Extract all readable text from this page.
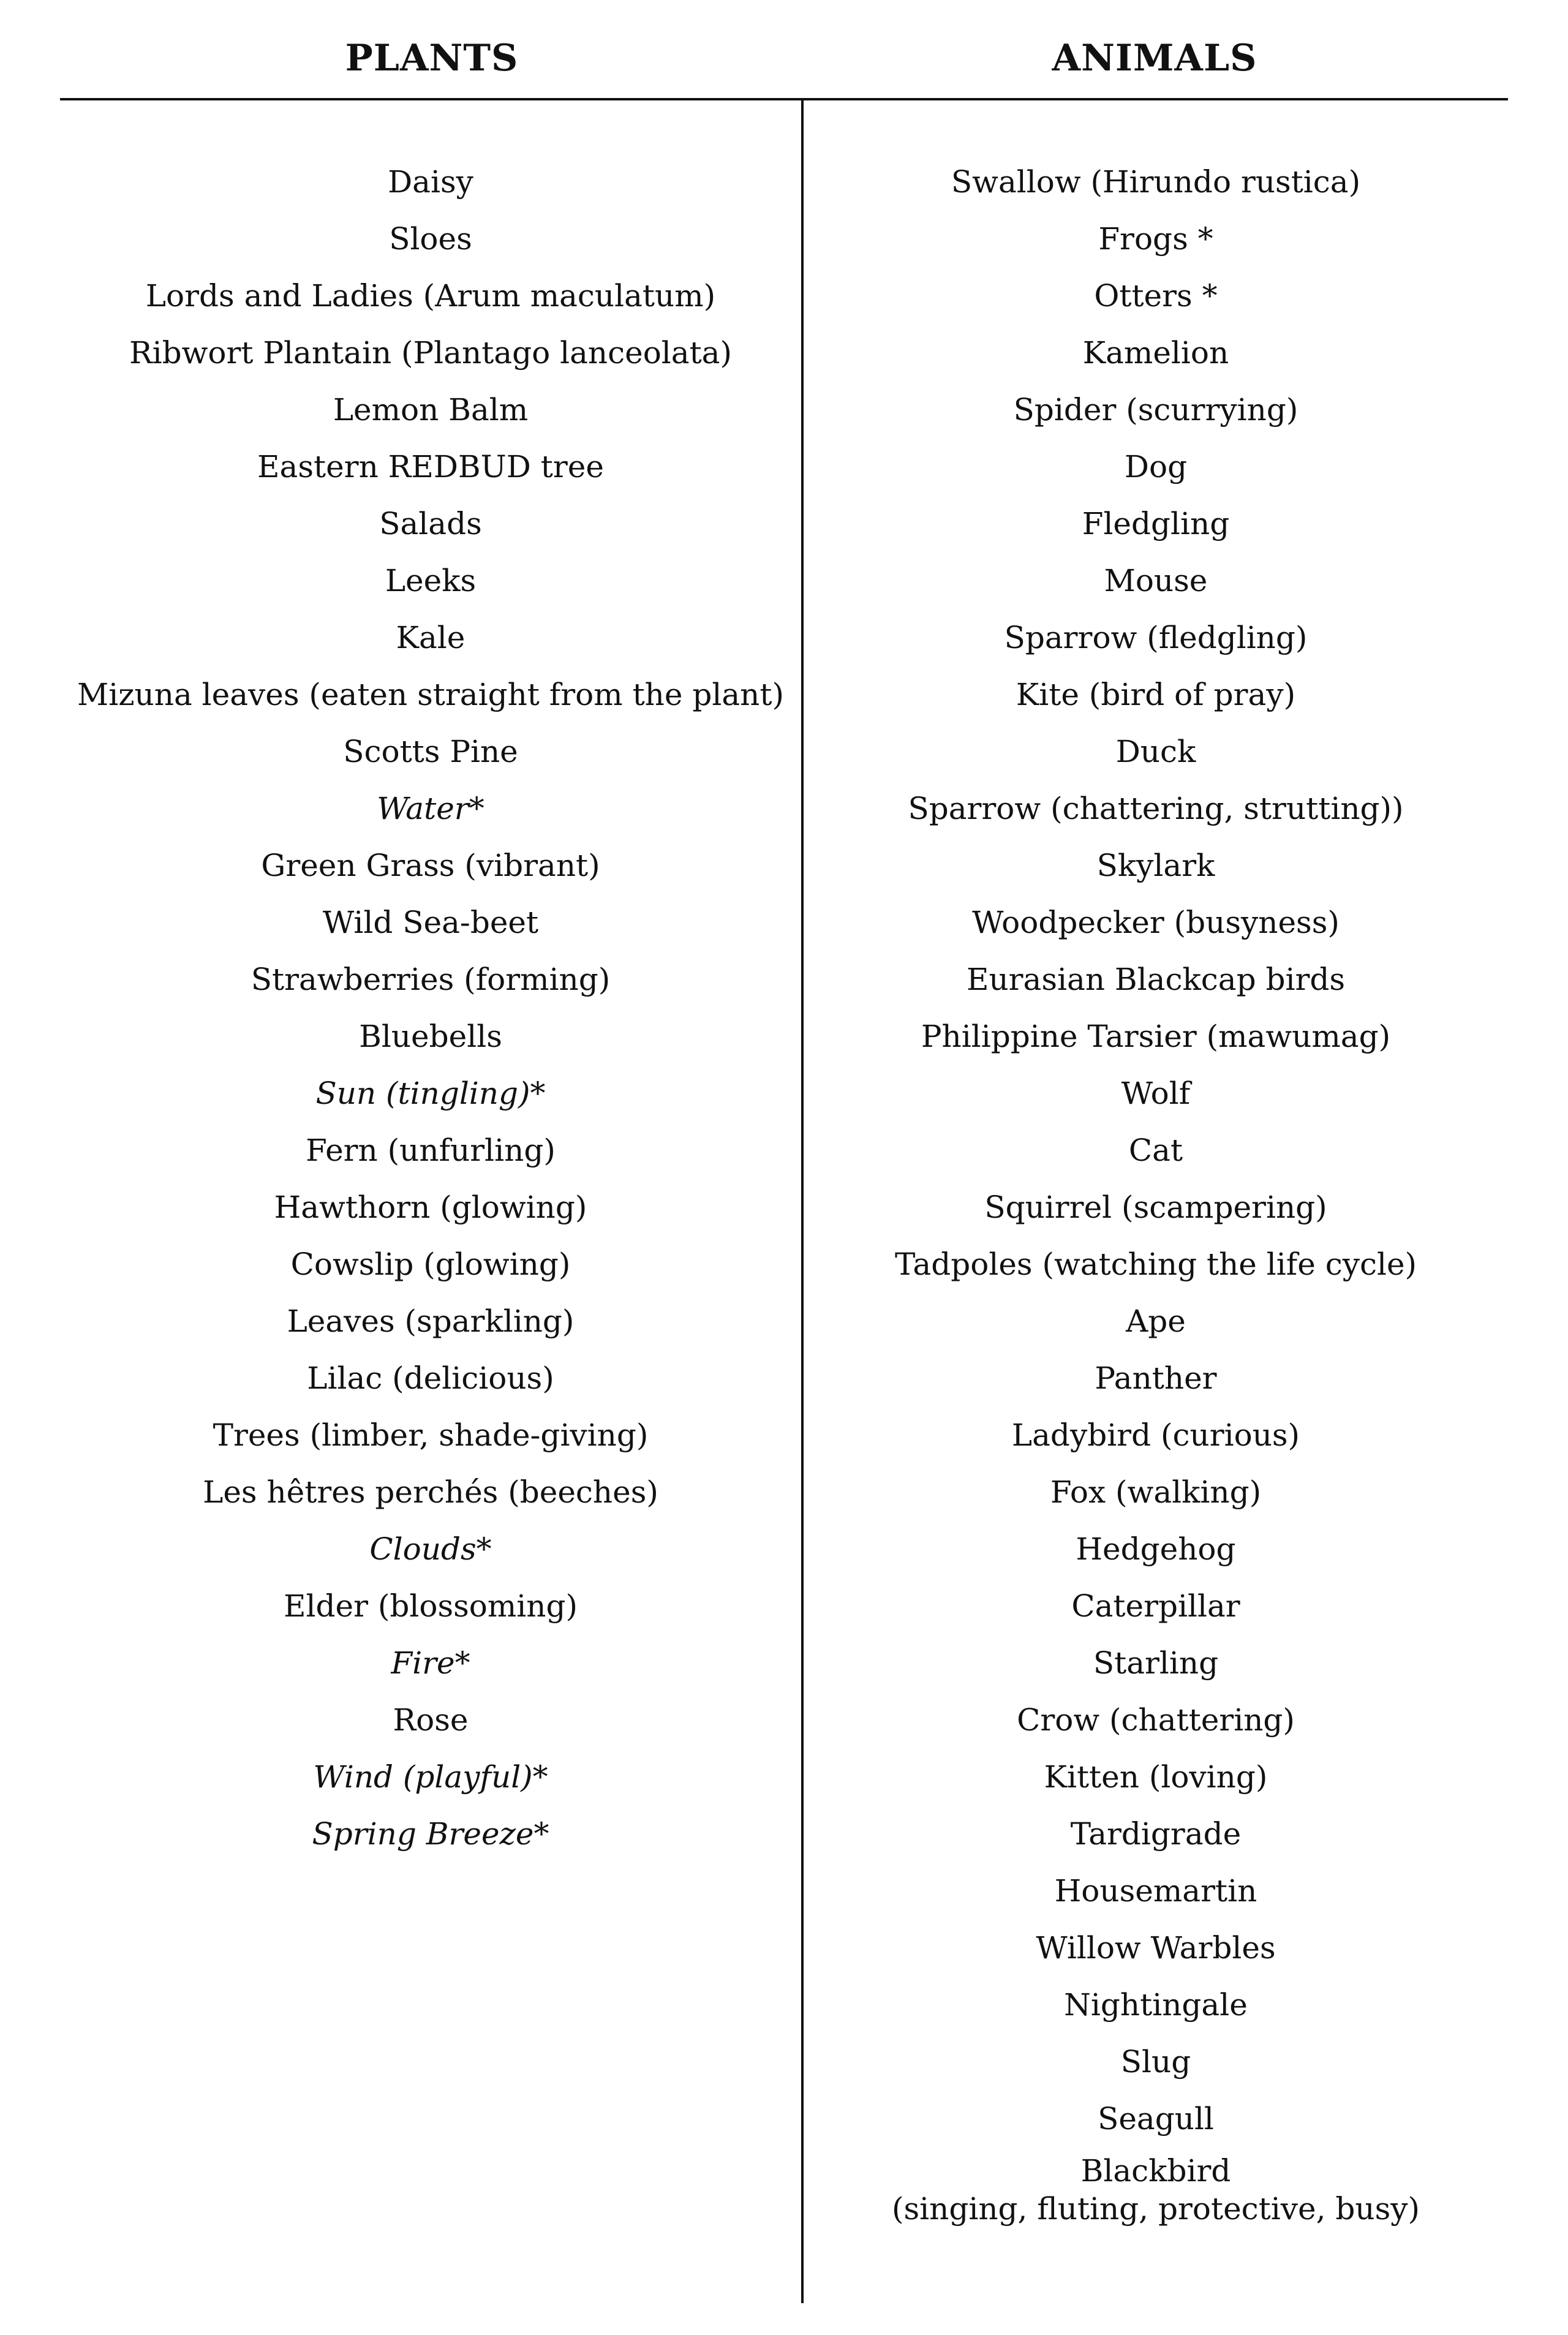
PLANTS	ANIMALS
Daisy
Sloes
Lords and Ladies (Arum maculatum)
Ribwort Plantain (Plantago lanceolata)
Lemon Balm
Eastern REDBUD tree
Salads
Leeks
Kale
Mizuna leaves (eaten straight from the plant)
Scotts Pine
Water*
Green Grass (vibrant)
Wild Sea-beet
Strawberries (forming)
Bluebells
Sun (tingling)*
Fern (unfurling)
Hawthorn (glowing)
Cowslip (glowing)
Leaves (sparkling)
Lilac (delicious)
Trees (limber, shade-giving)
Les hêtres perchés (beeches)
Clouds*
Elder (blossoming)
Fire*
Rose
Wind (playful)*
Spring Breeze*
Swallow (Hirundo rustica)
Frogs *
Otters *
Kamelion
Spider (scurrying)
Dog
Fledgling
Mouse
Sparrow (fledgling)
Kite (bird of pray)
Duck
Sparrow (chattering, strutting))
Skylark
Woodpecker (busyness)
Eurasian Blackcap birds
Philippine Tarsier (mawumag)
Wolf
Cat
Squirrel (scampering)
Tadpoles (watching the life cycle)
Ape
Panther
Ladybird (curious)
Fox (walking)
Hedgehog
Caterpillar
Starling
Crow (chattering)
Kitten (loving)
Tardigrade
Housemartin
Willow Warbles
Nightingale
Slug
Seagull
Blackbird
(singing, fluting, protective, busy)
